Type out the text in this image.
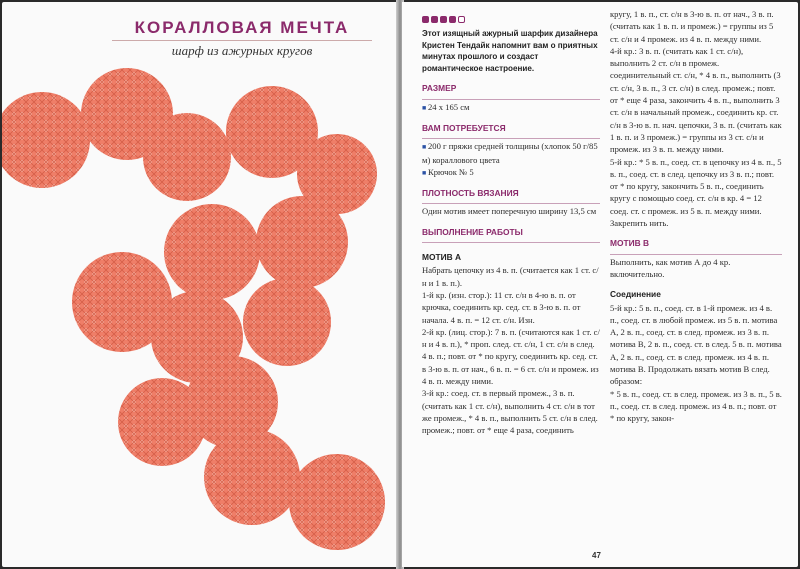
КОРАЛЛОВАЯ МЕЧТА
шарф из ажурных кругов

Этот изящный ажурный шарфик дизайнера Кристен Тендайк напомнит вам о приятных минутах прошлого и создаст романтическое настроение.

РАЗМЕР

■ 24 х 165 см

ВАМ ПОТРЕБУЕТСЯ

■ 200 г пряжи средней толщины (хлопок 50 г/85 м) кораллового цвета

■ Крючок № 5

ПЛОТНОСТЬ ВЯЗАНИЯ

Один мотив имеет поперечную ширину 13,5 см

ВЫПОЛНЕНИЕ РАБОТЫ
МОТИВ А

Набрать цепочку из 4 в. п. (считается как 1 ст. с/н и 1 в. п.).

1-й кр. (изн. стор.): 11 ст. с/н в 4-ю в. п. от крючка, соединить кр. сед. ст. в 3-ю в. п. от начала. 4 в. п. = 12 ст. с/н. Изн.

2-й кр. (лиц. стор.): 7 в. п. (считаются как 1 ст. с/н и 4 в. п.), * проп. след. ст. с/н, 1 ст. с/н в след. 4 в. п.; повт. от * по кругу, соединить кр. сед. ст. в 3-ю в. п. от нач., 6 в. п. = 6 ст. с/н и промеж. из 4 в. п. между ними.

3-й кр.: соед. ст. в первый промеж., 3 в. п. (считать как 1 ст. с/н), выполнить 4 ст. с/н в тот же промеж., * 4 в. п., выполнить 5 ст. с/н в след. промеж.; повт. от * еще 4 раза, соединить

кругу, 1 в. п., ст. с/н в 3-ю в. п. от нач., 3 в. п. (считать как 1 в. п. и промеж.) = группы из 5 ст. с/н и 4 промеж. из 4 в. п. между ними.

4-й кр.: 3 в. п. (считать как 1 ст. с/н), выполнить 2 ст. с/н в промеж. соединительный ст. с/н, * 4 в. п., выполнить (3 ст. с/н, 3 в. п., 3 ст. с/н) в след. промеж.; повт. от * еще 4 раза, закончить 4 в. п., выполнить 3 ст. с/н в начальный промеж., соединить кр. ст. с/н в 3-ю в. п. нач. цепочки, 3 в. п. (считать как 1 в. п. и 3 промеж.) = группы из 3 ст. с/н и промеж. из 3 в. п. между ними.

5-й кр.: * 5 в. п., соед. ст. в цепочку из 4 в. п., 5 в. п., соед. ст. в след. цепочку из 3 в. п.; повт. от * по кругу, закончить 5 в. п., соединить кругу с помощью соед. ст. с/н в кр. 4 = 12 соед. ст. с промеж. из 5 в. п. между ними. Закрепить нить.

МОТИВ В

Выполнить, как мотив А до 4 кр. включительно.

Соединение

5-й кр.: 5 в. п., соед. ст. в 1-й промеж. из 4 в. п., соед. ст. в любой промеж. из 5 в. п. мотива А, 2 в. п., соед. ст. в след. промеж. из 3 в. п. мотива В, 2 в. п., соед. ст. в след. 5 в. п. мотива А, 2 в. п., соед. ст. в след. промеж. из 4 в. п. мотива В. Продолжать вязать мотив В след. образом:

* 5 в. п., соед. ст. в след. промеж. из 3 в. п., 5 в. п., соед. ст. в след. промеж. из 4 в. п.; повт. от * по кругу, закон-

47
